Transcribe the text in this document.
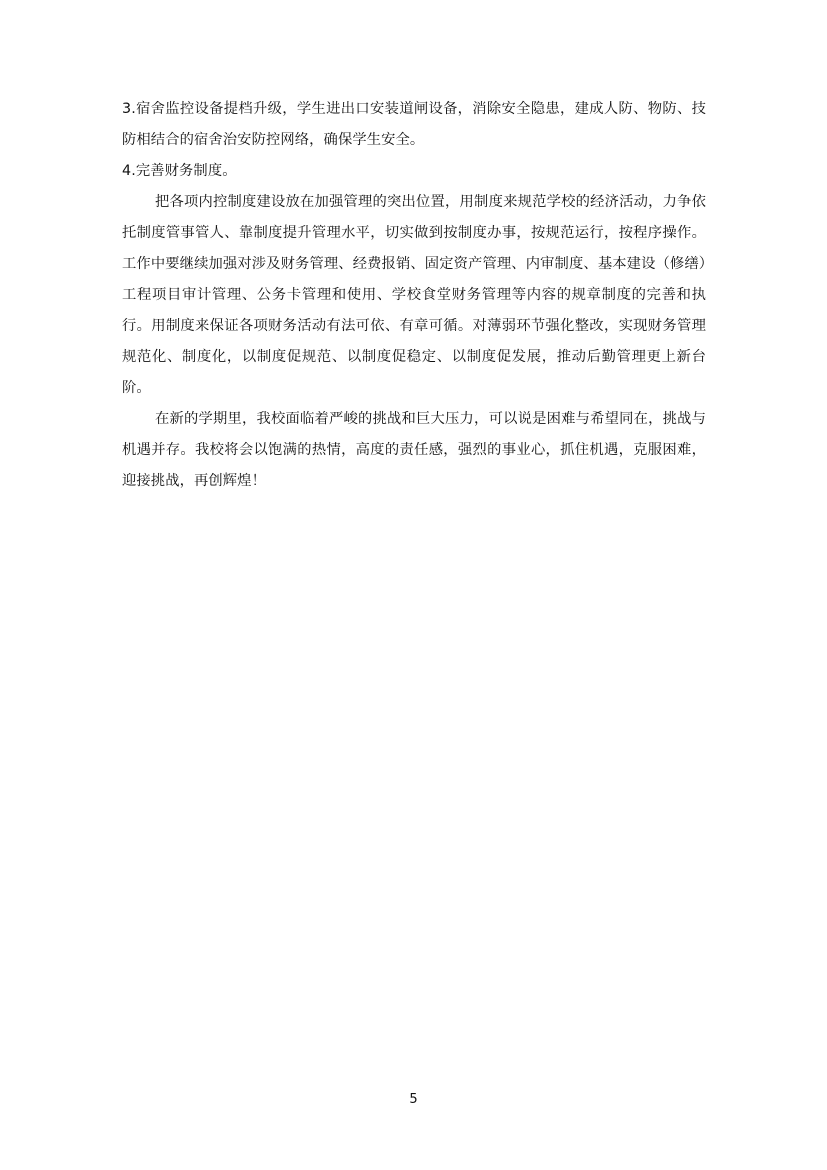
3.宿舍监控设备提档升级，学生进出口安装道闸设备，消除安全隐患，建成人防、物防、技防相结合的宿舍治安防控网络，确保学生安全。

4.完善财务制度。

把各项内控制度建设放在加强管理的突出位置，用制度来规范学校的经济活动，力争依托制度管事管人、靠制度提升管理水平，切实做到按制度办事，按规范运行，按程序操作。工作中要继续加强对涉及财务管理、经费报销、固定资产管理、内审制度、基本建设（修缮）工程项目审计管理、公务卡管理和使用、学校食堂财务管理等内容的规章制度的完善和执行。用制度来保证各项财务活动有法可依、有章可循。对薄弱环节强化整改，实现财务管理规范化、制度化，以制度促规范、以制度促稳定、以制度促发展，推动后勤管理更上新台阶。

在新的学期里，我校面临着严峻的挑战和巨大压力，可以说是困难与希望同在，挑战与机遇并存。我校将会以饱满的热情，高度的责任感，强烈的事业心，抓住机遇，克服困难，迎接挑战，再创辉煌！

5
